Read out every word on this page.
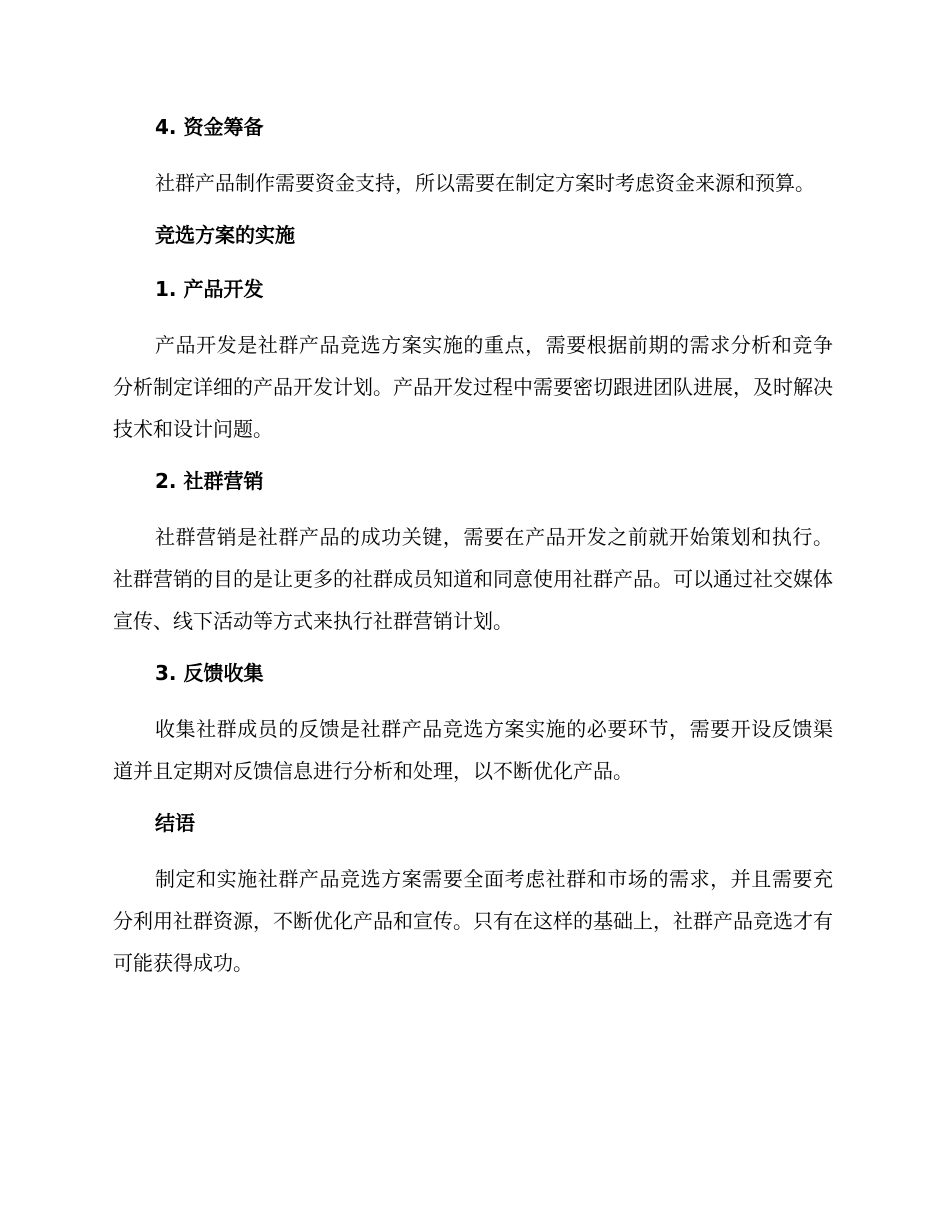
4. 资金筹备

社群产品制作需要资金支持，所以需要在制定方案时考虑资金来源和预算。

竞选方案的实施
1. 产品开发

产品开发是社群产品竞选方案实施的重点，需要根据前期的需求分析和竞争分析制定详细的产品开发计划。产品开发过程中需要密切跟进团队进展，及时解决技术和设计问题。

2. 社群营销

社群营销是社群产品的成功关键，需要在产品开发之前就开始策划和执行。社群营销的目的是让更多的社群成员知道和同意使用社群产品。可以通过社交媒体宣传、线下活动等方式来执行社群营销计划。

3. 反馈收集

收集社群成员的反馈是社群产品竞选方案实施的必要环节，需要开设反馈渠道并且定期对反馈信息进行分析和处理，以不断优化产品。

结语

制定和实施社群产品竞选方案需要全面考虑社群和市场的需求，并且需要充分利用社群资源，不断优化产品和宣传。只有在这样的基础上，社群产品竞选才有可能获得成功。
